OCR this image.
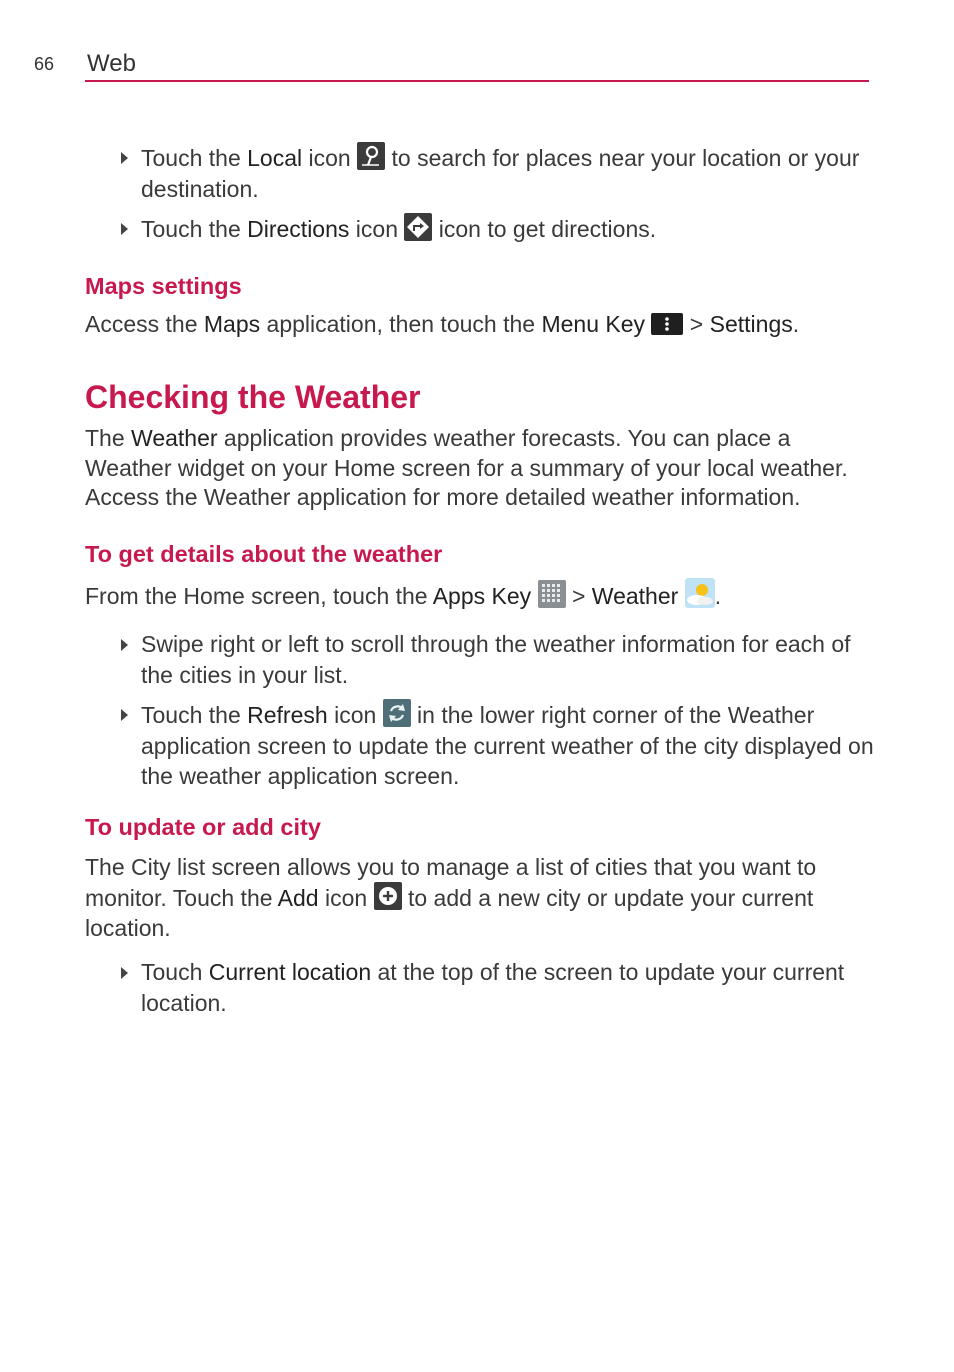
66 Web
Touch the Local icon
to search for places near your location or your destination.
Touch the Directions icon
icon to get directions.
Maps settings

Access the Maps application, then touch the Menu Key
> Settings.

Checking the Weather

The Weather application provides weather forecasts. You can place a Weather widget on your Home screen for a summary of your local weather. Access the Weather application for more detailed weather information.

To get details about the weather

From the Home screen, touch the Apps Key
> Weather .

Swipe right or left to scroll through the weather information for each of the cities in your list.
Touch the Refresh icon
in the lower right corner of the Weather application screen to update the current weather of the city displayed on the weather application screen.
To update or add city

The City list screen allows you to manage a list of cities that you want to monitor. Touch the Add icon
to add a new city or update your current location.

Touch Current location at the top of the screen to update your current location.
